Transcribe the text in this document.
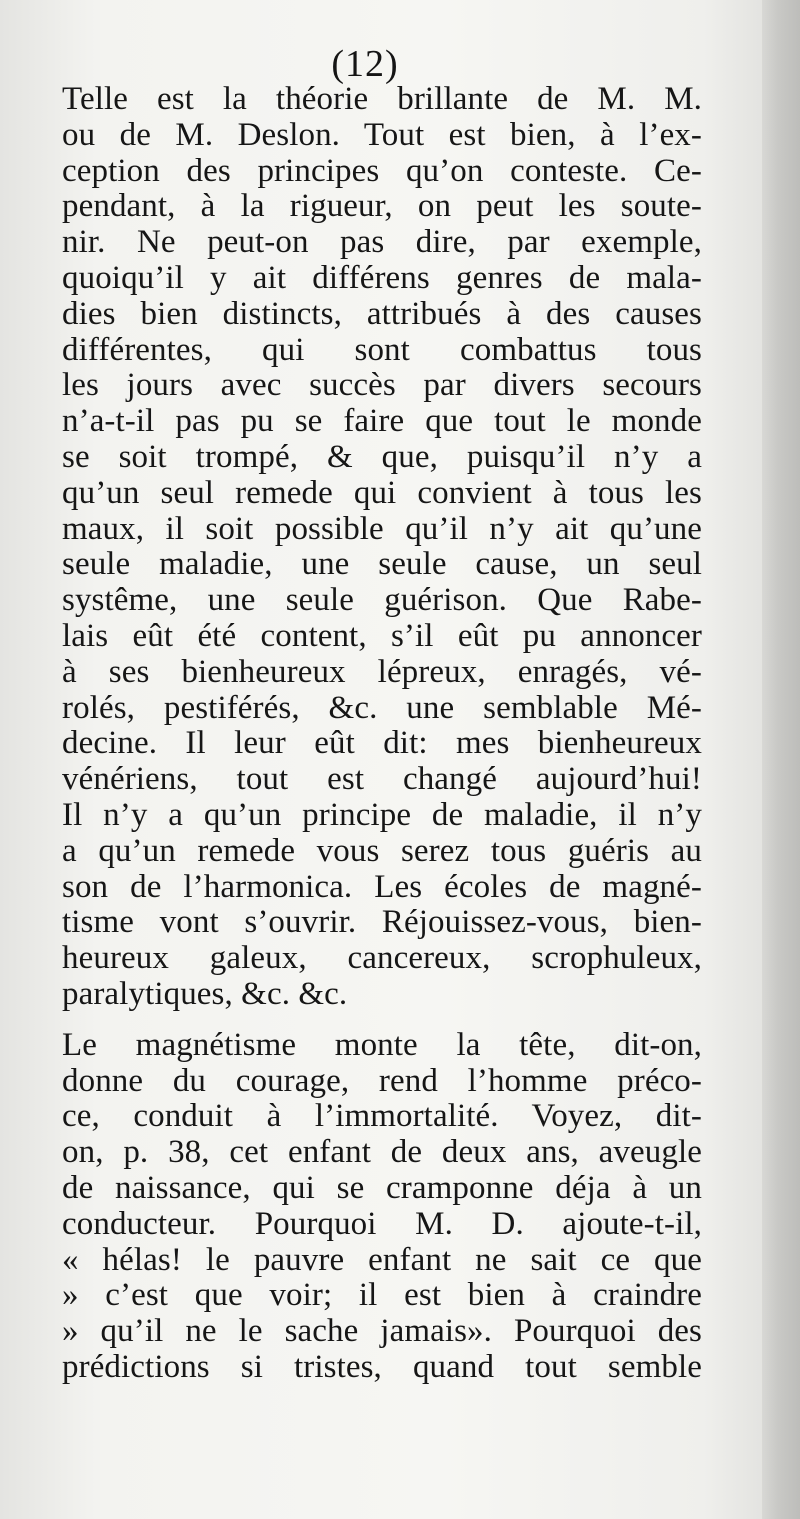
(12)
Telle est la théorie brillante de M. M.
ou de M. Deslon. Tout est bien, à l’ex-
ception des principes qu’on conteste. Ce-
pendant, à la rigueur, on peut les soute-
nir. Ne peut-on pas dire, par exemple,
quoiqu’il y ait différens genres de mala-
dies bien distincts, attribués à des causes
différentes, qui sont combattus tous
les jours avec succès par divers secours
n’a-t-il pas pu se faire que tout le monde
se soit trompé, & que, puisqu’il n’y a
qu’un seul remede qui convient à tous les
maux, il soit possible qu’il n’y ait qu’une
seule maladie, une seule cause, un seul
systême, une seule guérison. Que Rabe-
lais eût été content, s’il eût pu annoncer
à ses bienheureux lépreux, enragés, vé-
rolés, pestiférés, &c. une semblable Mé-
decine. Il leur eût dit: mes bienheureux
vénériens, tout est changé aujourd’hui!
Il n’y a qu’un principe de maladie, il n’y
a qu’un remede vous serez tous guéris au
son de l’harmonica. Les écoles de magné-
tisme vont s’ouvrir. Réjouissez-vous, bien-
heureux galeux, cancereux, scrophuleux,
paralytiques, &c. &c.
Le magnétisme monte la tête, dit-on,
donne du courage, rend l’homme préco-
ce, conduit à l’immortalité. Voyez, dit-
on, p. 38, cet enfant de deux ans, aveugle
de naissance, qui se cramponne déja à un
conducteur. Pourquoi M. D. ajoute-t-il,
« hélas! le pauvre enfant ne sait ce que
» c’est que voir; il est bien à craindre
» qu’il ne le sache jamais». Pourquoi des
prédictions si tristes, quand tout semble
